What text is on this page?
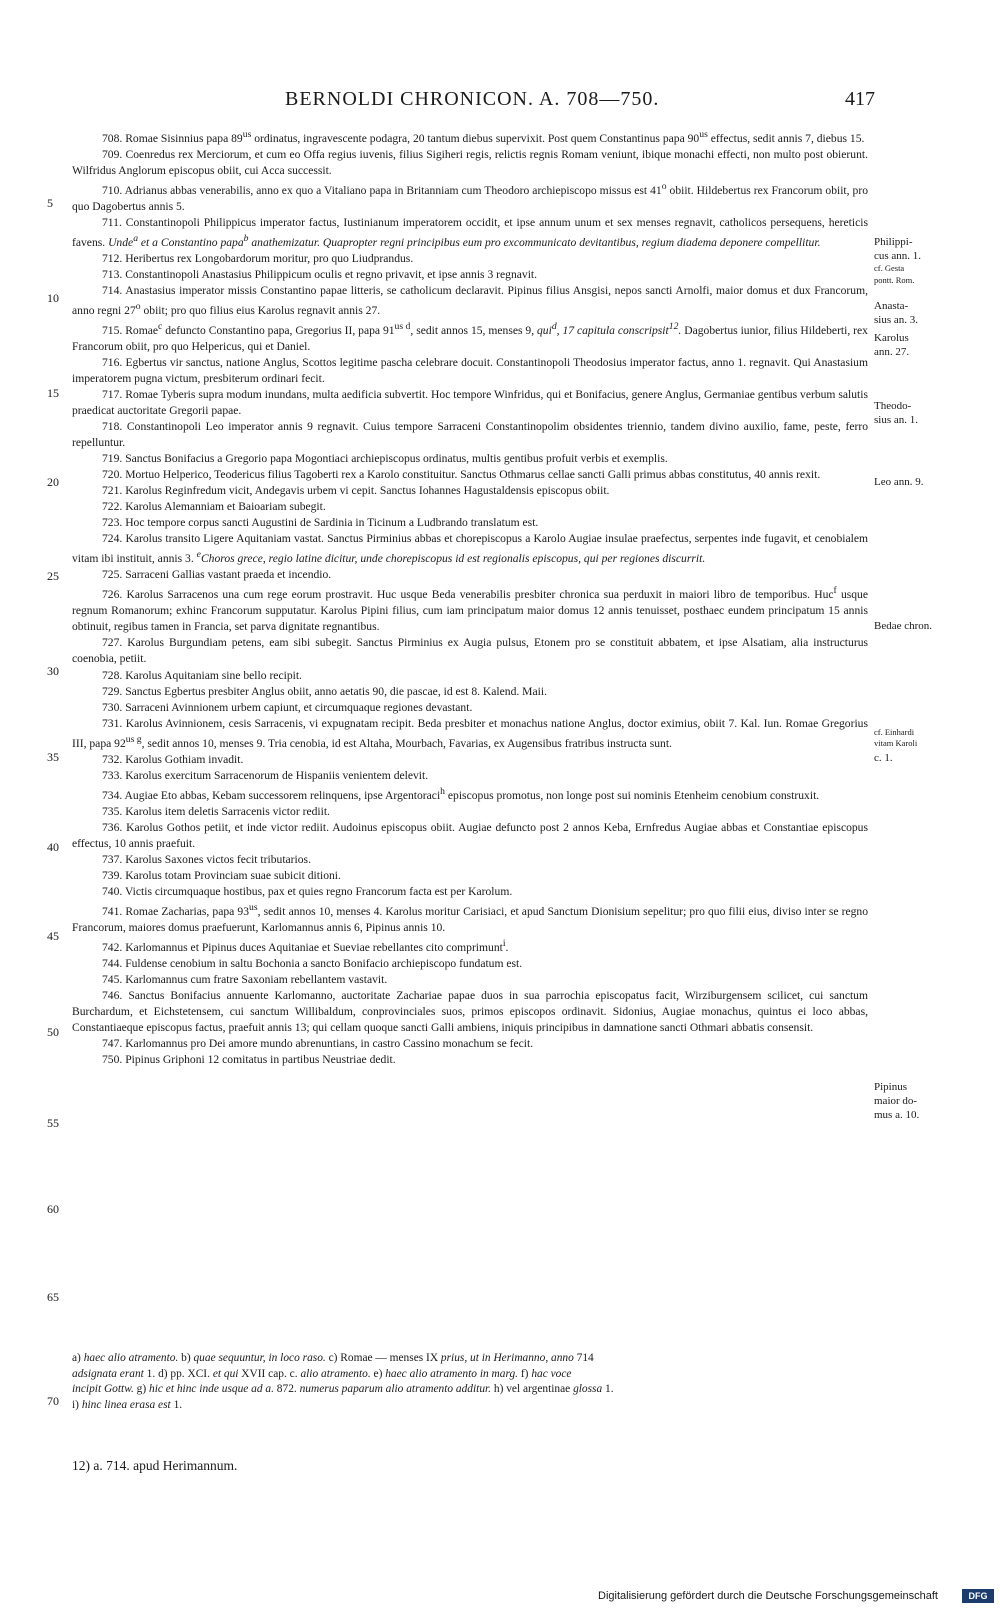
BERNOLDI CHRONICON. A. 708—750.	417

708. Romae Sisinnius papa $89^{us}$ ordinatus, ingravescente podagra, 20 tantum diebus supervixit. Post quem Constantinus papa $90^{us}$ effectus, sedit annis 7, diebus 15.

709. Coenredus rex Merciorum, et cum eo Offa regius iuvenis, filius Sigiheri regis, relictis regnis Romam veniunt, ibique monachi effecti, non multo post obierunt. Wilfridus Anglorum episcopus obiit, cui Acca successit.

710. Adrianus abbas venerabilis, anno ex quo a Vitaliano papa in Britanniam cum Theodoro archiepiscopo missus est 41$^o$ obiit. Hildebertus rex Francorum obiit, pro quo Dagobertus annis 5.

711. Constantinopoli Philippicus imperator factus, Iustinianum imperatorem occidit, et ipse annum unum et sex menses regnavit, catholicos persequens, hereticis favens. Unde$^a$ et a Constantino papa$^b$ anathemizatur. Quapropter regni principibus eum pro excommunicato devitantibus, regium diadema deponere compellitur.

712. Heribertus rex Longobardorum moritur, pro quo Liudprandus.

713. Constantinopoli Anastasius Philippicum oculis et regno privavit, et ipse annis 3 regnavit.

714. Anastasius imperator missis Constantino papae litteris, se catholicum declaravit. Pipinus filius Ansgisi, nepos sancti Arnolfi, maior domus et dux Francorum, anno regni 27$^o$ obiit; pro quo filius eius Karolus regnavit annis 27.

715. Romae$^c$ defuncto Constantino papa, Gregorius II, papa $91^{us d}$, sedit annos 15, menses 9, qui$^d$, 17 capitula conscripsit$^{12}$. Dagobertus iunior, filius Hildeberti, rex Francorum obiit, pro quo Helpericus, qui et Daniel.

716. Egbertus vir sanctus, natione Anglus, Scottos legitime pascha celebrare docuit. Constantinopoli Theodosius imperator factus, anno 1. regnavit. Qui Anastasium imperatorem pugna victum, presbiterum ordinari fecit.

717. Romae Tyberis supra modum inundans, multa aedificia subvertit. Hoc tempore Winfridus, qui et Bonifacius, genere Anglus, Germaniae gentibus verbum salutis praedicat auctoritate Gregorii papae.

718. Constantinopoli Leo imperator annis 9 regnavit. Cuius tempore Sarraceni Constantinopolim obsidentes triennio, tandem divino auxilio, fame, peste, ferro repelluntur.

719. Sanctus Bonifacius a Gregorio papa Mogontiaci archiepiscopus ordinatus, multis gentibus profuit verbis et exemplis.

720. Mortuo Helperico, Teodericus filius Tagoberti rex a Karolo constituitur. Sanctus Othmarus cellae sancti Galli primus abbas constitutus, 40 annis rexit.

721. Karolus Reginfredum vicit, Andegavis urbem vi cepit. Sanctus Iohannes Hagustaldensis episcopus obiit.

722. Karolus Alemanniam et Baioariam subegit.

723. Hoc tempore corpus sancti Augustini de Sardinia in Ticinum a Ludbrando translatum est.

724. Karolus transito Ligere Aquitaniam vastat. Sanctus Pirminius abbas et chorepiscopus a Karolo Augiae insulae praefectus, serpentes inde fugavit, et cenobialem vitam ibi instituit, annis 3. $^e$Choros grece, regio latine dicitur, unde chorepiscopus id est regionalis episcopus, qui per regiones discurrit.

725. Sarraceni Gallias vastant praeda et incendio.

726. Karolus Sarracenos una cum rege eorum prostravit. Huc usque Beda venerabilis presbiter chronica sua perduxit in maiori libro de temporibus. Huc$^f$ usque regnum Romanorum; exhinc Francorum supputatur. Karolus Pipini filius, cum iam principatum maior domus 12 annis tenuisset, posthaec eundem principatum 15 annis obtinuit, regibus tamen in Francia, set parva dignitate regnantibus.

727. Karolus Burgundiam petens, eam sibi subegit. Sanctus Pirminius ex Augia pulsus, Etonem pro se constituit abbatem, et ipse Alsatiam, alia instructurus coenobia, petiit.

728. Karolus Aquitaniam sine bello recipit.

729. Sanctus Egbertus presbiter Anglus obiit, anno aetatis 90, die pascae, id est 8. Kalend. Maii.

730. Sarraceni Avinnionem urbem capiunt, et circumquaque regiones devastant.

731. Karolus Avinnionem, cesis Sarracenis, vi expugnatam recipit. Beda presbiter et monachus natione Anglus, doctor eximius, obiit 7. Kal. Iun. Romae Gregorius III, papa $92^{us g}$, sedit annos 10, menses 9. Tria cenobia, id est Altaha, Mourbach, Favarias, ex Augensibus fratribus instructa sunt.

732. Karolus Gothiam invadit.

733. Karolus exercitum Sarracenorum de Hispaniis venientem delevit.

734. Augiae Eto abbas, Kebam successorem relinquens, ipse Argentoraci$^h$ episcopus promotus, non longe post sui nominis Etenheim cenobium construxit.

735. Karolus item deletis Sarracenis victor rediit.

736. Karolus Gothos petiit, et inde victor rediit. Audoinus episcopus obiit. Augiae defuncto post 2 annos Keba, Ernfredus Augiae abbas et Constantiae episcopus effectus, 10 annis praefuit.

737. Karolus Saxones victos fecit tributarios.

739. Karolus totam Provinciam suae subicit ditioni.

740. Victis circumquaque hostibus, pax et quies regno Francorum facta est per Karolum.

741. Romae Zacharias, papa $93^{us}$, sedit annos 10, menses 4. Karolus moritur Carisiaci, et apud Sanctum Dionisium sepelitur; pro quo filii eius, diviso inter se regno Francorum, maiores domus praefuerunt, Karlomannus annis 6, Pipinus annis 10.

742. Karlomannus et Pipinus duces Aquitaniae et Sueviae rebellantes cito comprimunt$^i$.

744. Fuldense cenobium in saltu Bochonia a sancto Bonifacio archiepiscopo fundatum est.

745. Karlomannus cum fratre Saxoniam rebellantem vastavit.

746. Sanctus Bonifacius annuente Karlomanno, auctoritate Zachariae papae duos in sua parrochia episcopatus facit, Wirziburgensem scilicet, cui sanctum Burchardum, et Eichstetensem, cui sanctum Willibaldum, conprovinciales suos, primos episcopos ordinavit. Sidonius, Augiae monachus, quintus ei loco abbas, Constantiaeque episcopus factus, praefuit annis 13; qui cellam quoque sancti Galli ambiens, iniquis principibus in damnatione sancti Othmari abbatis consensit.

747. Karlomannus pro Dei amore mundo abrenuntians, in castro Cassino monachum se fecit.

750. Pipinus Griphoni 12 comitatus in partibus Neustriae dedit.

5
10
15
20
25
30
35
40
45
50
55
60
65
70
Philippi-
cus ann. 1.
cf. Gesta
pontt. Rom.
Anasta-
sius an. 3.
Karolus
ann. 27.
Theodo-
sius an. 1.
Leo ann. 9.
Bedae chron.
cf. Einhardi
vitam Karoli
c. 1.
Pipinus
maior do-
mus a. 10.

a) haec alio atramento. b) quae sequuntur, in loco raso. c) Romae — menses IX prius, ut in Herimanno, anno 714

adsignata erant 1. d) pp. XCI. et qui XVII cap. c. alio atramento. e) haec alio atramento in marg. f) hac voce

incipit Gottw. g) hic et hinc inde usque ad a. 872. numerus paparum alio atramento additur. h) vel argentinae glossa 1.

i) hinc linea erasa est 1.

12) a. 714. apud Herimannum.
Digitalisierung gefördert durch die Deutsche Forschungsgemeinschaft	DFG
